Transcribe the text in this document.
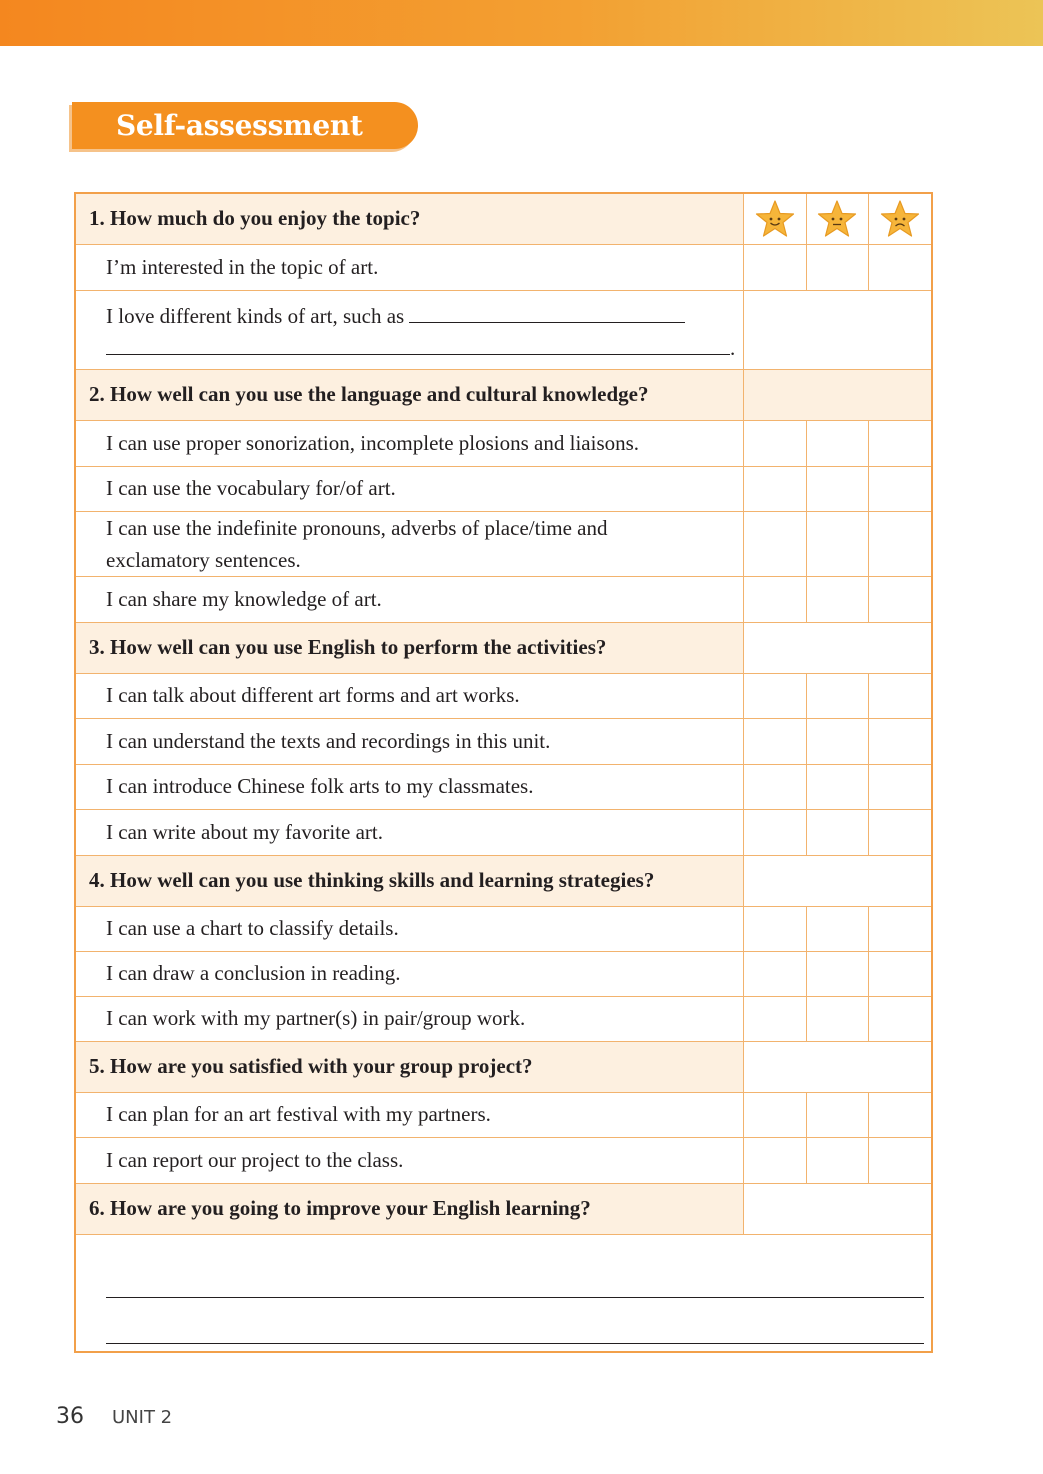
Self-assessment
1. How much do you enjoy the topic?			
I’m interested in the topic of art.			

I love different kinds of art, such as
.			

2. How well can you use the language and cultural knowledge?			
I can use proper sonorization, incomplete plosions and liaisons.			
I can use the vocabulary for/of art.			
I can use the indefinite pronouns, adverbs of place/time and exclamatory sentences.			
I can share my knowledge of art.			
3. How well can you use English to perform the activities?			
I can talk about different art forms and art works.			
I can understand the texts and recordings in this unit.			
I can introduce Chinese folk arts to my classmates.			
I can write about my favorite art.			
4. How well can you use thinking skills and learning strategies?			
I can use a chart to classify details.			
I can draw a conclusion in reading.			
I can work with my partner(s) in pair/group work.			
5. How are you satisfied with your group project?			
I can plan for an art festival with my partners.			
I can report our project to the class.			
6. How are you going to improve your English learning?			

36 UNIT 2
